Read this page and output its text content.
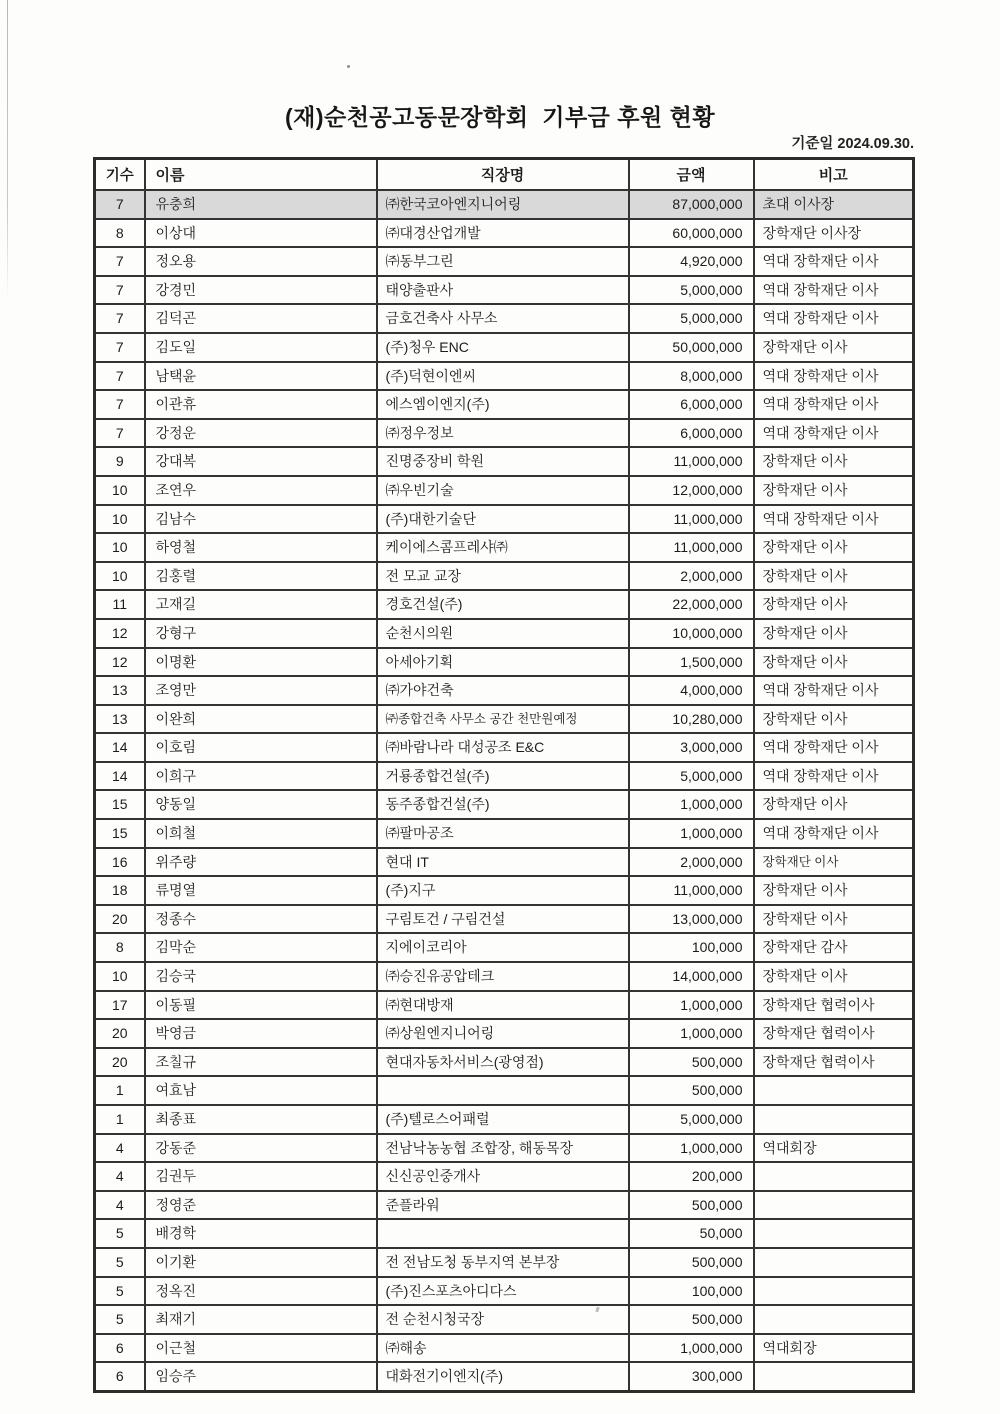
(재)순천공고동문장학회  기부금 후원 현황
기준일 2024.09.30.
기수	이름	직장명	금액	비고
7	유충희	㈜한국코아엔지니어링	87,000,000	초대 이사장
8	이상대	㈜대경산업개발	60,000,000	장학재단 이사장
7	정오용	㈜동부그린	4,920,000	역대 장학재단 이사
7	강경민	태양출판사	5,000,000	역대 장학재단 이사
7	김덕곤	금호건축사 사무소	5,000,000	역대 장학재단 이사
7	김도일	(주)청우 ENC	50,000,000	장학재단 이사
7	남택윤	(주)덕현이엔씨	8,000,000	역대 장학재단 이사
7	이관휴	에스엠이엔지(주)	6,000,000	역대 장학재단 이사
7	강정운	㈜정우정보	6,000,000	역대 장학재단 이사
9	강대복	진명중장비 학원	11,000,000	장학재단 이사
10	조연우	㈜우빈기술	12,000,000	장학재단 이사
10	김남수	(주)대한기술단	11,000,000	역대 장학재단 이사
10	하영철	케이에스콤프레샤㈜	11,000,000	장학재단 이사
10	김홍렬	전 모교 교장	2,000,000	장학재단 이사
11	고재길	경호건설(주)	22,000,000	장학재단 이사
12	강형구	순천시의원	10,000,000	장학재단 이사
12	이명환	아세아기획	1,500,000	장학재단 이사
13	조영만	㈜가야건축	4,000,000	역대 장학재단 이사
13	이완희	㈜종합건축 사무소 공간 천만원예정	10,280,000	장학재단 이사
14	이호림	㈜바람나라 대성공조 E&C	3,000,000	역대 장학재단 이사
14	이희구	거룡종합건설(주)	5,000,000	역대 장학재단 이사
15	양동일	동주종합건설(주)	1,000,000	장학재단 이사
15	이희철	㈜팔마공조	1,000,000	역대 장학재단 이사
16	위주량	현대 IT	2,000,000	장학재단 이사
18	류명열	(주)지구	11,000,000	장학재단 이사
20	정종수	구림토건 / 구림건설	13,000,000	장학재단 이사
8	김막순	지에이코리아	100,000	장학재단 감사
10	김승국	㈜승진유공압테크	14,000,000	장학재단 이사
17	이동필	㈜현대방재	1,000,000	장학재단 협력이사
20	박영금	㈜상원엔지니어링	1,000,000	장학재단 협력이사
20	조칠규	현대자동차서비스(광영점)	500,000	장학재단 협력이사
1	여효남		500,000	
1	최종표	(주)텔로스어패럴	5,000,000	
4	강동준	전남낙농농협 조합장, 해동목장	1,000,000	역대회장
4	김권두	신신공인중개사	200,000	
4	정영준	준플라워	500,000	
5	배경학		50,000	
5	이기환	전 전남도청 동부지역 본부장	500,000	
5	정옥진	(주)진스포츠아디다스	100,000	
5	최재기	전 순천시청국장	500,000	
6	이근철	㈜해송	1,000,000	역대회장
6	임승주	대화전기이엔지(주)	300,000	
